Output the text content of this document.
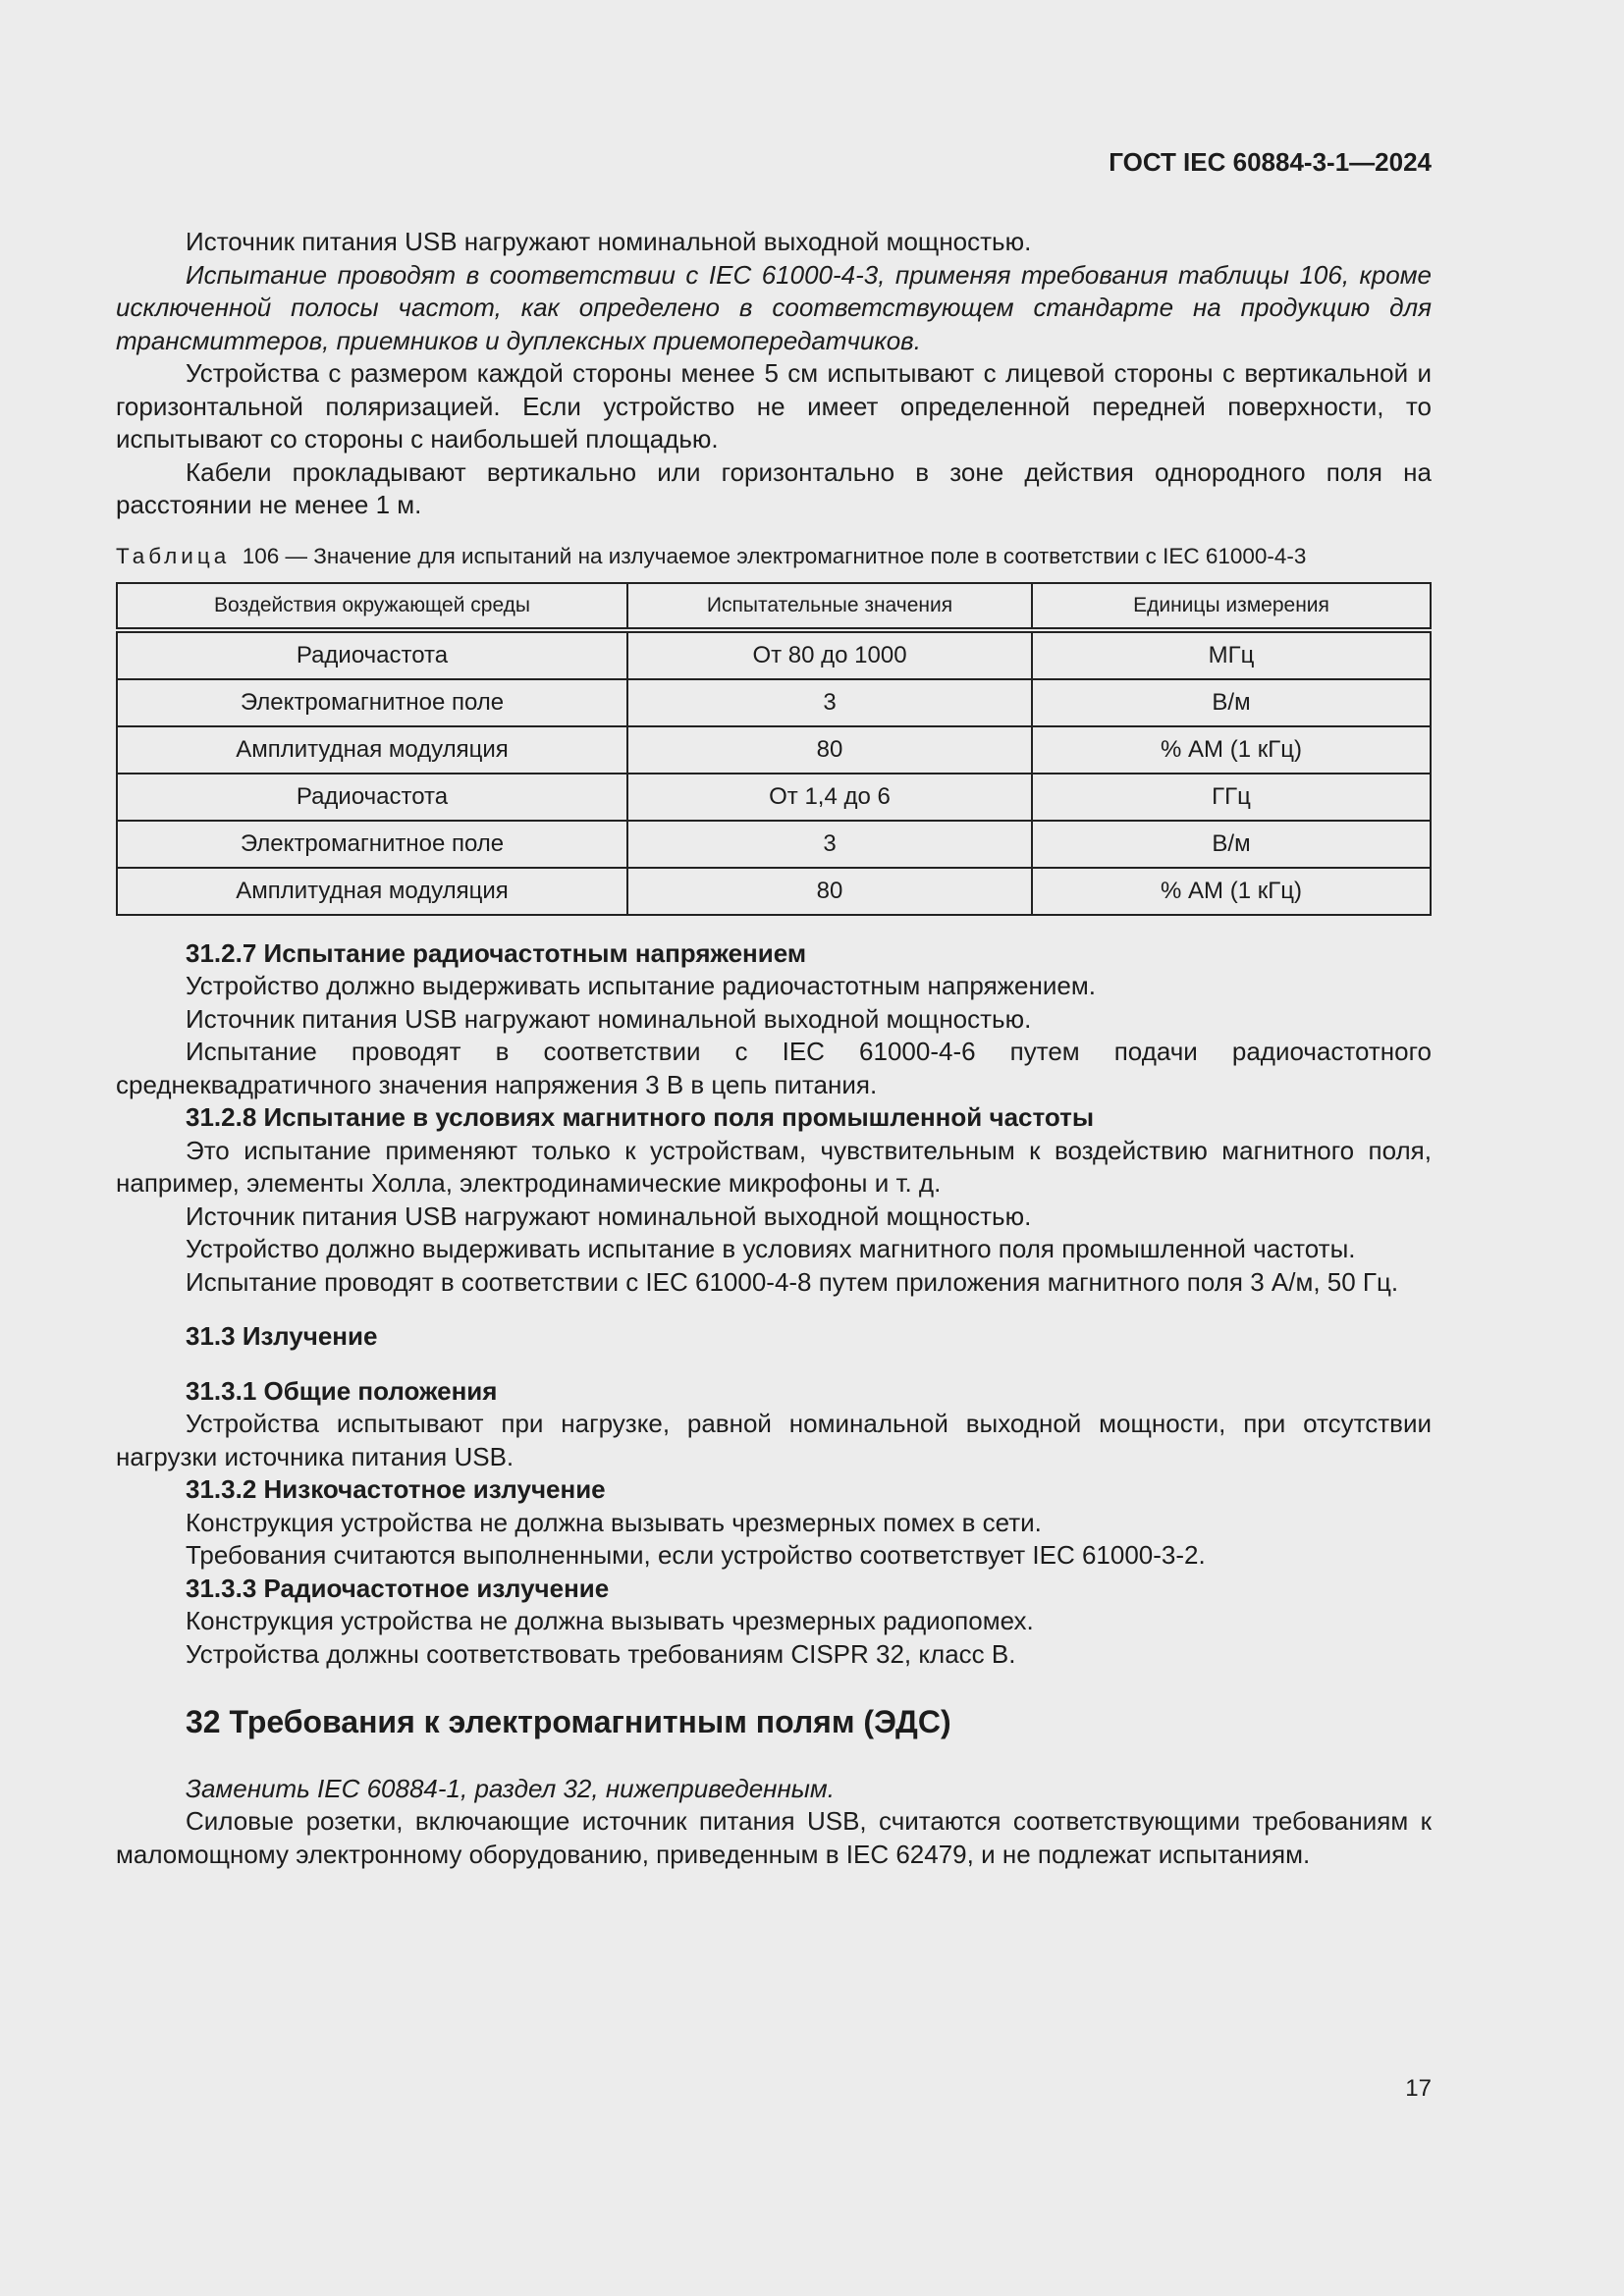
ГОСТ IEC 60884-3-1—2024

Источник питания USB нагружают номинальной выходной мощностью.

Испытание проводят в соответствии с IEC 61000-4-3, применяя требования таблицы 106, кроме исключенной полосы частот, как определено в соответствующем стандарте на продукцию для трансмиттеров, приемников и дуплексных приемопередатчиков.

Устройства с размером каждой стороны менее 5 см испытывают с лицевой стороны с вертикальной и горизонтальной поляризацией. Если устройство не имеет определенной передней поверхности, то испытывают со стороны с наибольшей площадью.

Кабели прокладывают вертикально или горизонтально в зоне действия однородного поля на расстоянии не менее 1 м.

Таблица 106 — Значение для испытаний на излучаемое электромагнитное поле в соответствии с IEC 61000-4-3
Воздействия окружающей среды	Испытательные значения	Единицы измерения
Радиочастота	От 80 до 1000	МГц
Электромагнитное поле	3	В/м
Амплитудная модуляция	80	% АМ (1 кГц)
Радиочастота	От 1,4 до 6	ГГц
Электромагнитное поле	3	В/м
Амплитудная модуляция	80	% АМ (1 кГц)

31.2.7 Испытание радиочастотным напряжением

Устройство должно выдерживать испытание радиочастотным напряжением.

Источник питания USB нагружают номинальной выходной мощностью.

Испытание проводят в соответствии с IEC 61000-4-6 путем подачи радиочастотного среднеквадратичного значения напряжения 3 В в цепь питания.

31.2.8 Испытание в условиях магнитного поля промышленной частоты

Это испытание применяют только к устройствам, чувствительным к воздействию магнитного поля, например, элементы Холла, электродинамические микрофоны и т. д.

Источник питания USB нагружают номинальной выходной мощностью.

Устройство должно выдерживать испытание в условиях магнитного поля промышленной частоты.

Испытание проводят в соответствии с IEC 61000-4-8 путем приложения магнитного поля 3 А/м, 50 Гц.

31.3 Излучение

31.3.1 Общие положения

Устройства испытывают при нагрузке, равной номинальной выходной мощности, при отсутствии нагрузки источника питания USB.

31.3.2 Низкочастотное излучение

Конструкция устройства не должна вызывать чрезмерных помех в сети.

Требования считаются выполненными, если устройство соответствует IEC 61000-3-2.

31.3.3 Радиочастотное излучение

Конструкция устройства не должна вызывать чрезмерных радиопомех.

Устройства должны соответствовать требованиям CISPR 32, класс B.

32 Требования к электромагнитным полям (ЭДС)

Заменить IEC 60884-1, раздел 32, нижеприведенным.

Силовые розетки, включающие источник питания USB, считаются соответствующими требованиям к маломощному электронному оборудованию, приведенным в IEC 62479, и не подлежат испытаниям.

17
